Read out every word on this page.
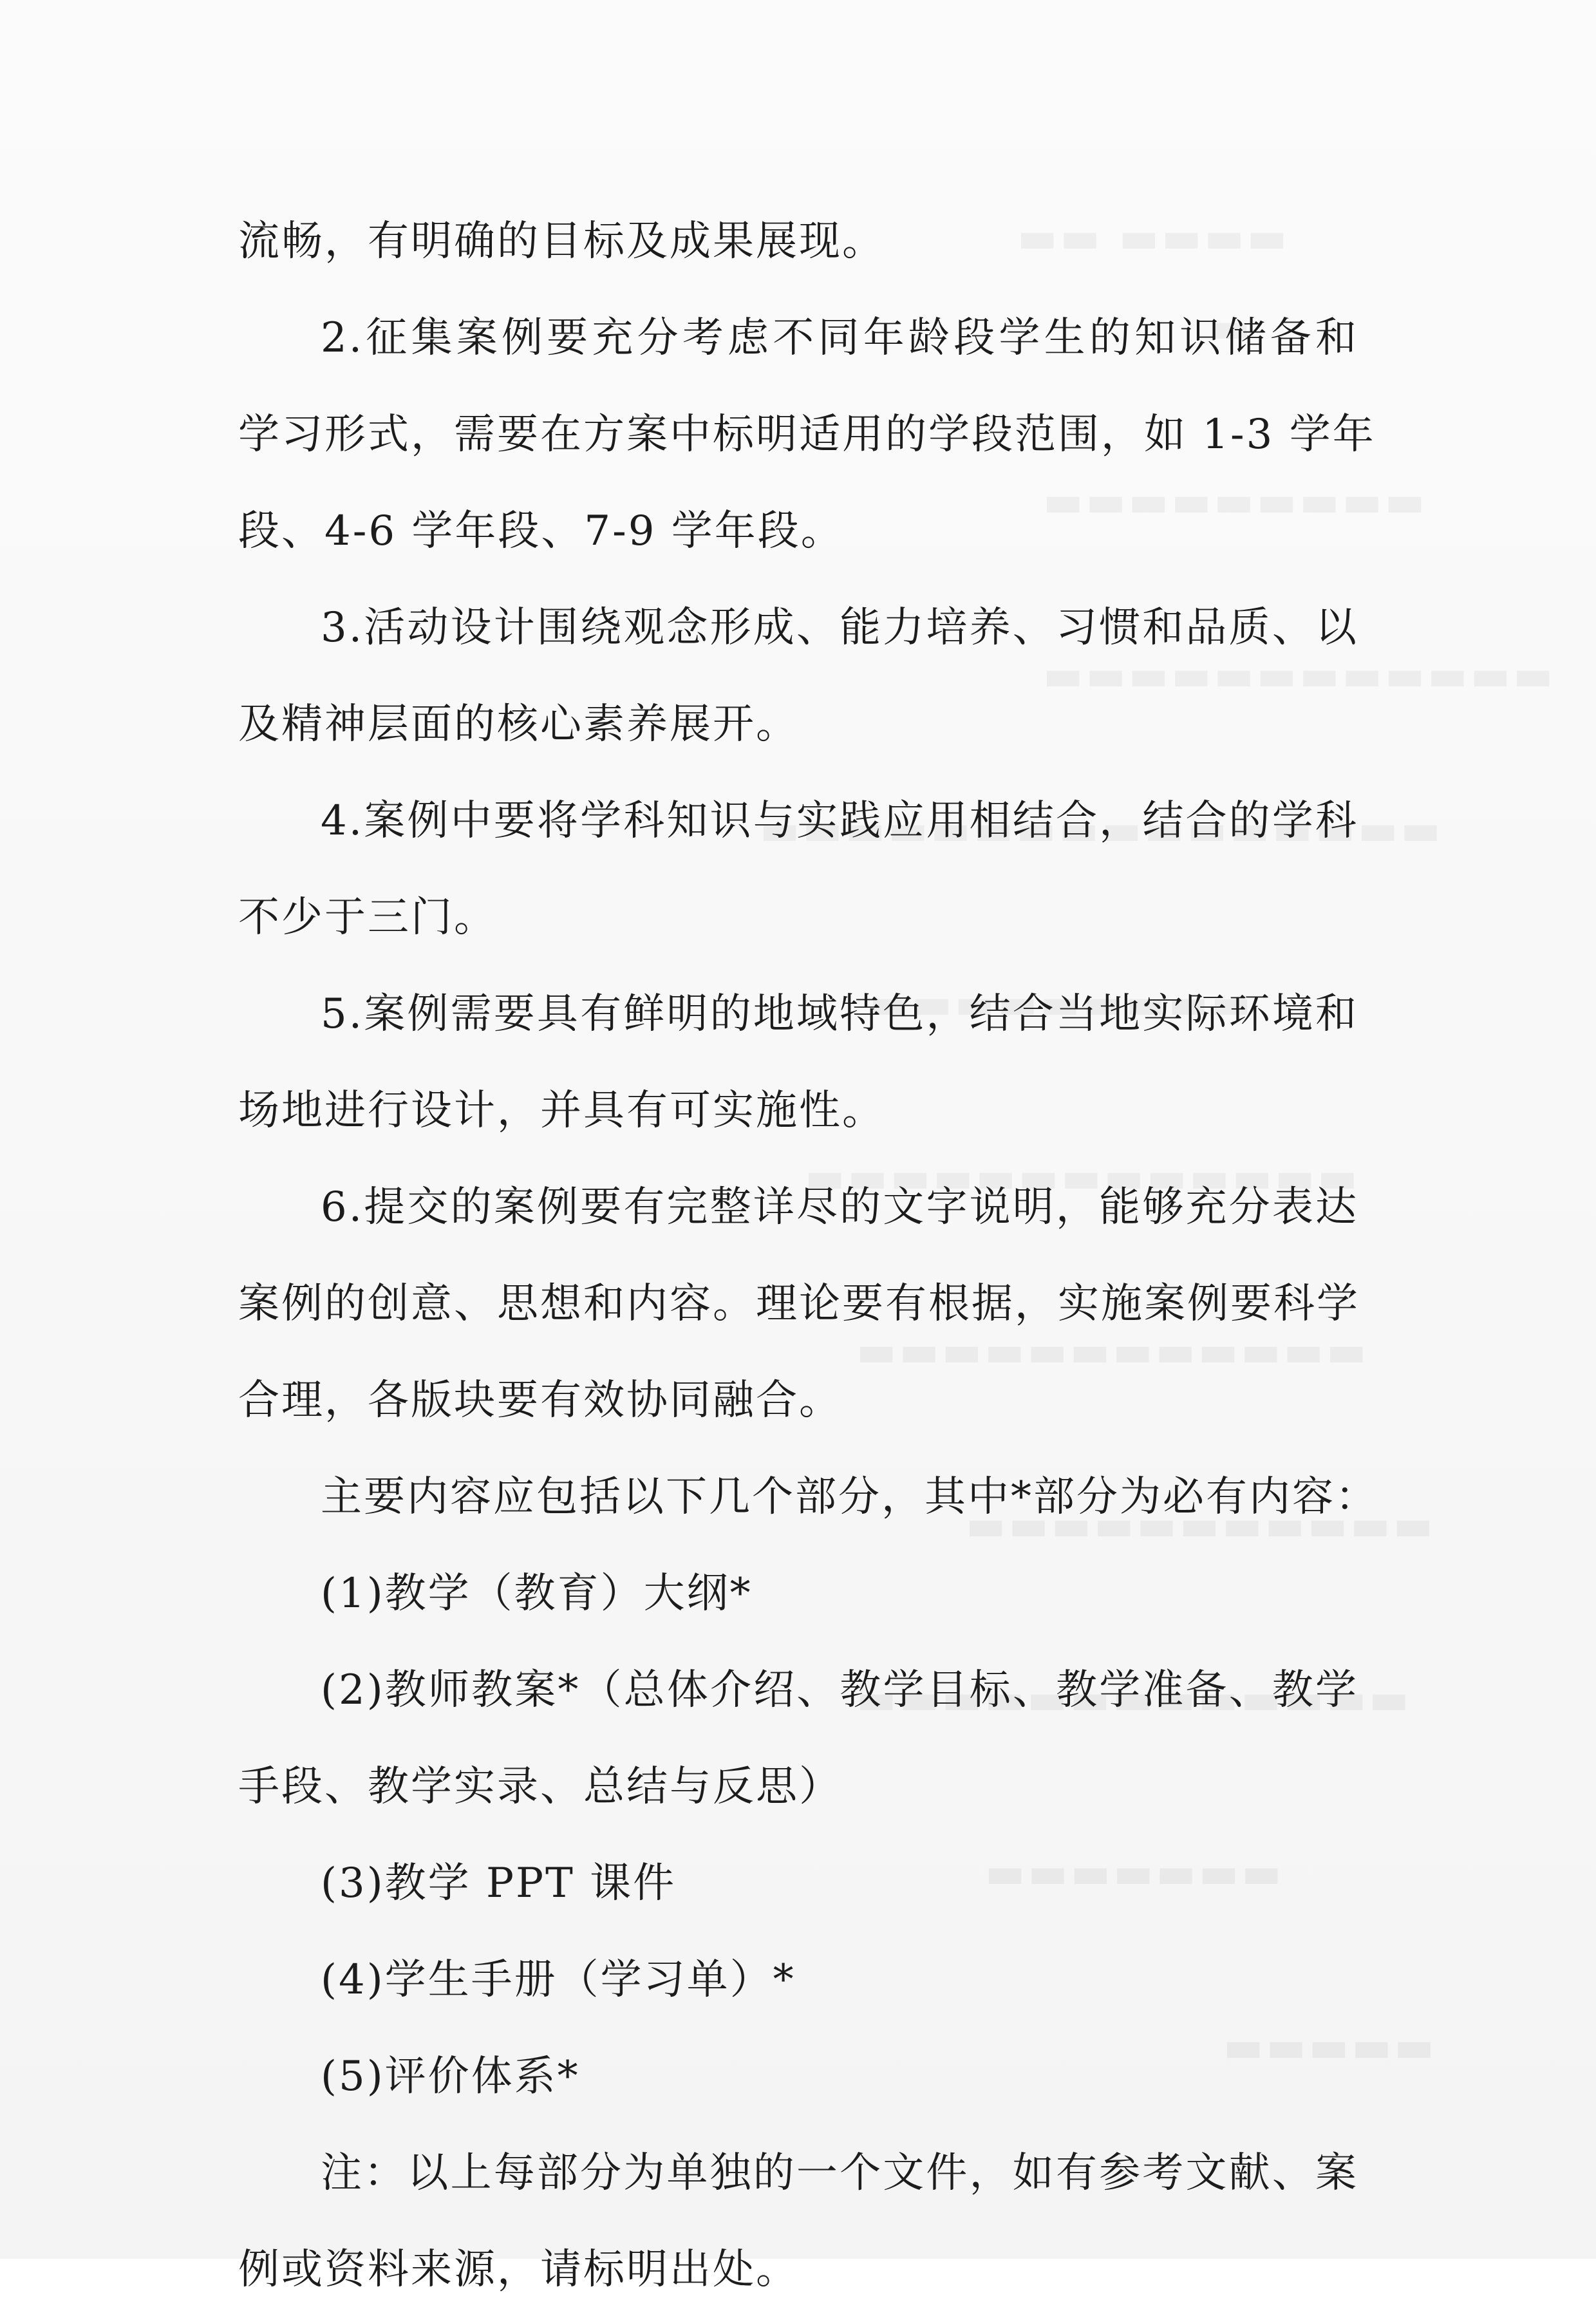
流畅，有明确的目标及成果展现。
2.征集案例要充分考虑不同年龄段学生的知识储备和
学习形式，需要在方案中标明适用的学段范围，如 1-3 学年
段、4-6 学年段、7-9 学年段。
3.活动设计围绕观念形成、能力培养、习惯和品质、以
及精神层面的核心素养展开。
4.案例中要将学科知识与实践应用相结合，结合的学科
不少于三门。
5.案例需要具有鲜明的地域特色，结合当地实际环境和
场地进行设计，并具有可实施性。
6.提交的案例要有完整详尽的文字说明，能够充分表达
案例的创意、思想和内容。理论要有根据，实施案例要科学
合理，各版块要有效协同融合。
主要内容应包括以下几个部分，其中*部分为必有内容：
(1)教学（教育）大纲*
(2)教师教案*（总体介绍、教学目标、教学准备、教学
手段、教学实录、总结与反思）
(3)教学 PPT 课件
(4)学生手册（学习单）*
(5)评价体系*
注：以上每部分为单独的一个文件，如有参考文献、案
例或资料来源，请标明出处。
